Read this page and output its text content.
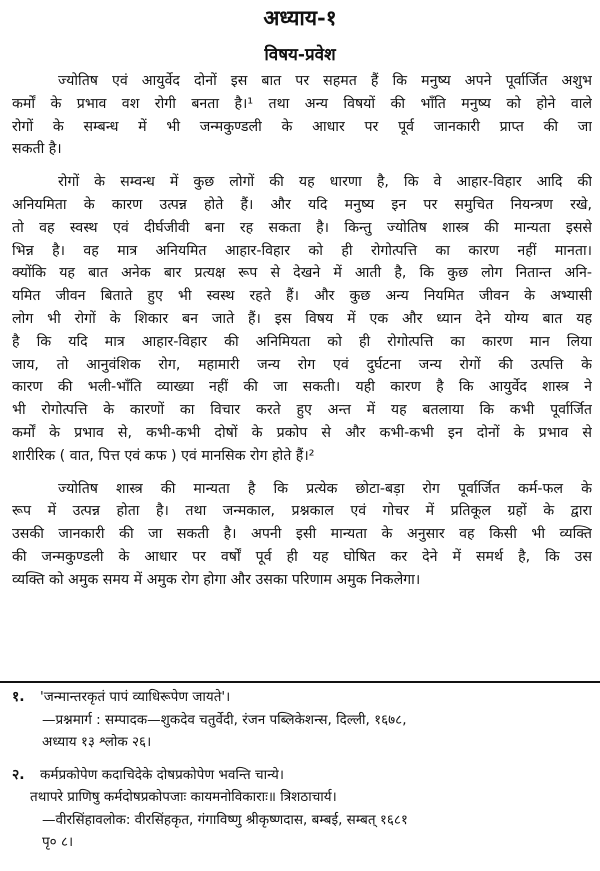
अध्याय-१
विषय-प्रवेश

ज्योतिष एवं आयुर्वेद दोनों इस बात पर सहमत हैं कि मनुष्य अपने पूर्वार्जित अशुभ
कर्मों के प्रभाव वश रोगी बनता है।¹ तथा अन्य विषयों की भाँति मनुष्य को होने वाले
रोगों के सम्बन्ध में भी जन्मकुण्डली के आधार पर पूर्व जानकारी प्राप्त की जा
सकती है।

रोगों के सम्वन्ध में कुछ लोगों की यह धारणा है, कि वे आहार-विहार आदि की
अनियमिता के कारण उत्पन्न होते हैं। और यदि मनुष्य इन पर समुचित नियन्त्रण रखे,
तो वह स्वस्थ एवं दीर्घजीवी बना रह सकता है। किन्तु ज्योतिष शास्त्र की मान्यता इससे
भिन्न है। वह मात्र अनियमित आहार-विहार को ही रोगोत्पत्ति का कारण नहीं मानता।
क्योंकि यह बात अनेक बार प्रत्यक्ष रूप से देखने में आती है, कि कुछ लोग नितान्त अनि-
यमित जीवन बिताते हुए भी स्वस्थ रहते हैं। और कुछ अन्य नियमित जीवन के अभ्यासी
लोग भी रोगों के शिकार बन जाते हैं। इस विषय में एक और ध्यान देने योग्य बात यह
है कि यदि मात्र आहार-विहार की अनिमियता को ही रोगोत्पत्ति का कारण मान लिया
जाय, तो आनुवंशिक रोग, महामारी जन्य रोग एवं दुर्घटना जन्य रोगों की उत्पत्ति के
कारण की भली-भाँति व्याख्या नहीं की जा सकती। यही कारण है कि आयुर्वेद शास्त्र ने
भी रोगोत्पत्ति के कारणों का विचार करते हुए अन्त में यह बतलाया कि कभी पूर्वार्जित
कर्मों के प्रभाव से, कभी-कभी दोषों के प्रकोप से और कभी-कभी इन दोनों के प्रभाव से
शारीरिक ( वात, पित्त एवं कफ ) एवं मानसिक रोग होते हैं।²

ज्योतिष शास्त्र की मान्यता है कि प्रत्येक छोटा-बड़ा रोग पूर्वार्जित कर्म-फल के
रूप में उत्पन्न होता है। तथा जन्मकाल, प्रश्नकाल एवं गोचर में प्रतिकूल ग्रहों के द्वारा
उसकी जानकारी की जा सकती है। अपनी इसी मान्यता के अनुसार वह किसी भी व्यक्ति
की जन्मकुण्डली के आधार पर वर्षों पूर्व ही यह घोषित कर देने में समर्थ है, कि उस
व्यक्ति को अमुक समय में अमुक रोग होगा और उसका परिणाम अमुक निकलेगा।

१.	'जन्मान्तरकृतं पापं व्याधिरूपेण जायते'।
—प्रश्नमार्ग : सम्पादक—शुकदेव चतुर्वेदी, रंजन पब्लिकेशन्स, दिल्ली, १६७८,
अध्याय १३ श्लोक २६।
२.	कर्मप्रकोपेण कदाचिदेके दोषप्रकोपेण भवन्ति चान्ये।
तथापरे प्राणिषु कर्मदोषप्रकोपजाः कायमनोविकाराः॥ त्रिशठाचार्य।
—वीरसिंहावलोक: वीरसिंहकृत, गंगाविष्णु श्रीकृष्णदास, बम्बई, सम्बत् १६८१
पृ० ८।
